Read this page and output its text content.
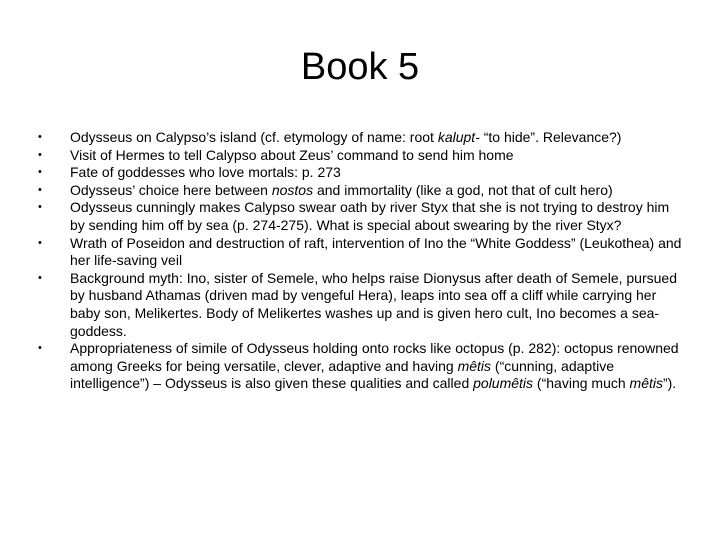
Book 5
•	Odysseus on Calypso’s island (cf. etymology of name: root kalupt- “to hide”. Relevance?)
•	Visit of Hermes to tell Calypso about Zeus’ command to send him home
•	Fate of goddesses who love mortals: p. 273
•	Odysseus’ choice here between nostos and immortality (like a god, not that of cult hero)
•	Odysseus cunningly makes Calypso swear oath by river Styx that she is not trying to destroy him by sending him off by sea (p. 274-275). What is special about swearing by the river Styx?
•	Wrath of Poseidon and destruction of raft, intervention of Ino the “White Goddess” (Leukothea) and her life-saving veil
•	Background myth: Ino, sister of Semele, who helps raise Dionysus after death of Semele, pursued by husband Athamas (driven mad by vengeful Hera), leaps into sea off a cliff while carrying her baby son, Melikertes. Body of Melikertes washes up and is given hero cult, Ino becomes a sea-goddess.
•	Appropriateness of simile of Odysseus holding onto rocks like octopus (p. 282): octopus renowned among Greeks for being versatile, clever, adaptive and having mêtis (“cunning, adaptive intelligence”) – Odysseus is also given these qualities and called polumêtis (“having much mêtis”).
